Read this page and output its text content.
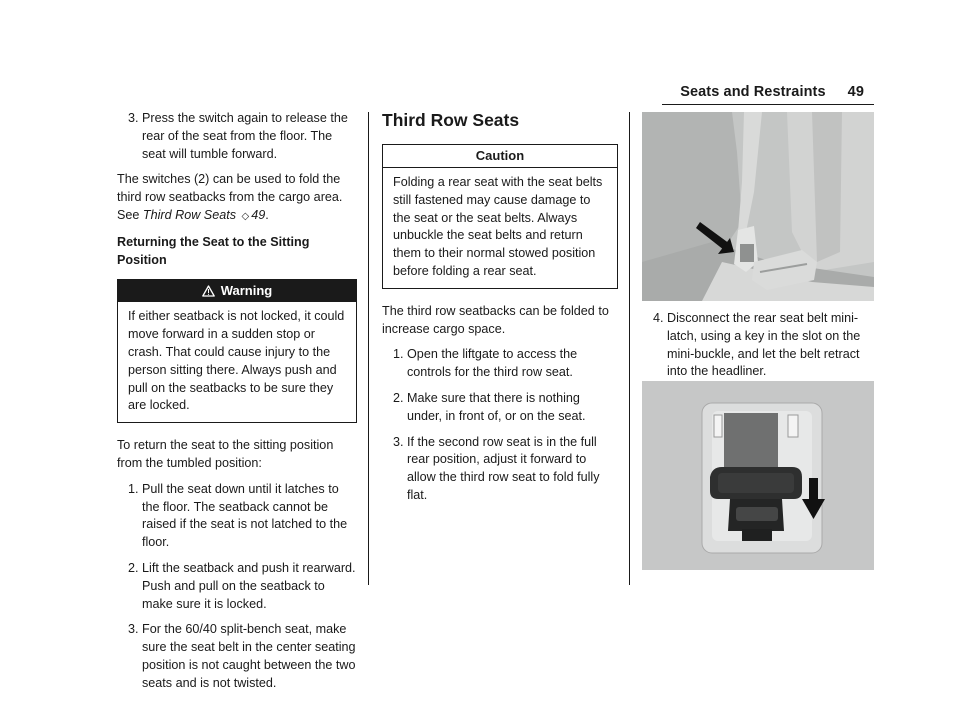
Seats and Restraints 49
3. Press the switch again to release the rear of the seat from the floor. The seat will tumble forward.

The switches (2) can be used to fold the third row seatbacks from the cargo area. See Third Row Seats ◇ 49.

Returning the Seat to the Sitting Position
Warning
If either seatback is not locked, it could move forward in a sudden stop or crash. That could cause injury to the person sitting there. Always push and pull on the seatbacks to be sure they are locked.

To return the seat to the sitting position from the tumbled position:

1. Pull the seat down until it latches to the floor. The seatback cannot be raised if the seat is not latched to the floor.
2. Lift the seatback and push it rearward. Push and pull on the seatback to make sure it is locked.
3. For the 60/40 split-bench seat, make sure the seat belt in the center seating position is not caught between the two seats and is not twisted.
Third Row Seats
Caution
Folding a rear seat with the seat belts still fastened may cause damage to the seat or the seat belts. Always unbuckle the seat belts and return them to their normal stowed position before folding a rear seat.

The third row seatbacks can be folded to increase cargo space.

1. Open the liftgate to access the controls for the third row seat.
2. Make sure that there is nothing under, in front of, or on the seat.
3. If the second row seat is in the full rear position, adjust it forward to allow the third row seat to fold fully flat.
4. Disconnect the rear seat belt mini-latch, using a key in the slot on the mini-buckle, and let the belt retract into the headliner.
